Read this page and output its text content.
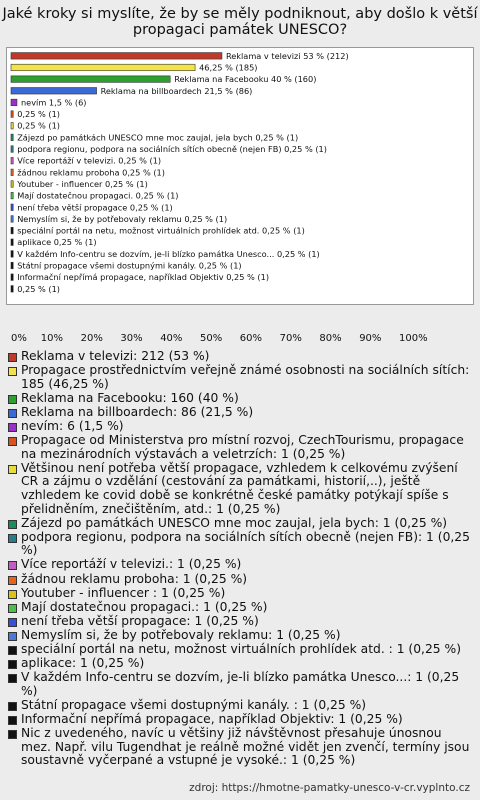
Jaké kroky si myslíte, že by se měly podniknout, aby došlo k větší propagaci památek UNESCO?
Reklama v televizi 53 % (212)
46,25 % (185)
Reklama na Facebooku 40 % (160)
Reklama na billboardech 21,5 % (86)
nevím 1,5 % (6)
0,25 % (1)
0,25 % (1)
Zájezd po památkách UNESCO mne moc zaujal, jela bych 0,25 % (1)
podpora regionu, podpora na sociálních sítích obecně (nejen FB) 0,25 % (1)
Více reportáží v televizi. 0,25 % (1)
žádnou reklamu proboha 0,25 % (1)
Youtuber - influencer 0,25 % (1)
Mají dostatečnou propagaci. 0,25 % (1)
není třeba větší propagace 0,25 % (1)
Nemyslím si, že by potřebovaly reklamu 0,25 % (1)
speciální portál na netu, možnost virtuálních prohlídek atd. 0,25 % (1)
aplikace 0,25 % (1)
V každém Info-centru se dozvím, je-li blízko památka Unesco... 0,25 % (1)
Státní propagace všemi dostupnými kanály. 0,25 % (1)
Informační nepřímá propagace, například Objektiv 0,25 % (1)
0,25 % (1)
0% 10% 20% 30% 40% 50% 60% 70% 80% 90% 100%
Reklama v televizi: 212 (53 %)
Propagace prostřednictvím veřejně známé osobnosti na sociálních sítích: 185 (46,25 %)
Reklama na Facebooku: 160 (40 %)
Reklama na billboardech: 86 (21,5 %)
nevím: 6 (1,5 %)
Propagace od Ministerstva pro místní rozvoj, CzechTourismu, propagace na mezinárodních výstavách a veletrzích: 1 (0,25 %)
Většinou není potřeba větší propagace, vzhledem k celkovému zvýšení CR a zájmu o vzdělání (cestování za památkami, historií,..), ještě vzhledem ke covid době se konkrétně české památky potýkají spíše s přelidněním, znečištěním, atd.: 1 (0,25 %)
Zájezd po památkách UNESCO mne moc zaujal, jela bych: 1 (0,25 %)
podpora regionu, podpora na sociálních sítích obecně (nejen FB): 1 (0,25 %)
Více reportáží v televizi.: 1 (0,25 %)
žádnou reklamu proboha: 1 (0,25 %)
Youtuber - influencer : 1 (0,25 %)
Mají dostatečnou propagaci.: 1 (0,25 %)
není třeba větší propagace: 1 (0,25 %)
Nemyslím si, že by potřebovaly reklamu: 1 (0,25 %)
speciální portál na netu, možnost virtuálních prohlídek atd. : 1 (0,25 %)
aplikace: 1 (0,25 %)
V každém Info-centru se dozvím, je-li blízko památka Unesco...: 1 (0,25 %)
Státní propagace všemi dostupnými kanály. : 1 (0,25 %)
Informační nepřímá propagace, například Objektiv: 1 (0,25 %)
Nic z uvedeného, navíc u většiny již návštěvnost přesahuje únosnou mez. Např. vilu Tugendhat je reálně možné vidět jen zvenčí, termíny jsou soustavně vyčerpané a vstupné je vysoké.: 1 (0,25 %)
zdroj: https://hmotne-pamatky-unesco-v-cr.vyplnto.cz
